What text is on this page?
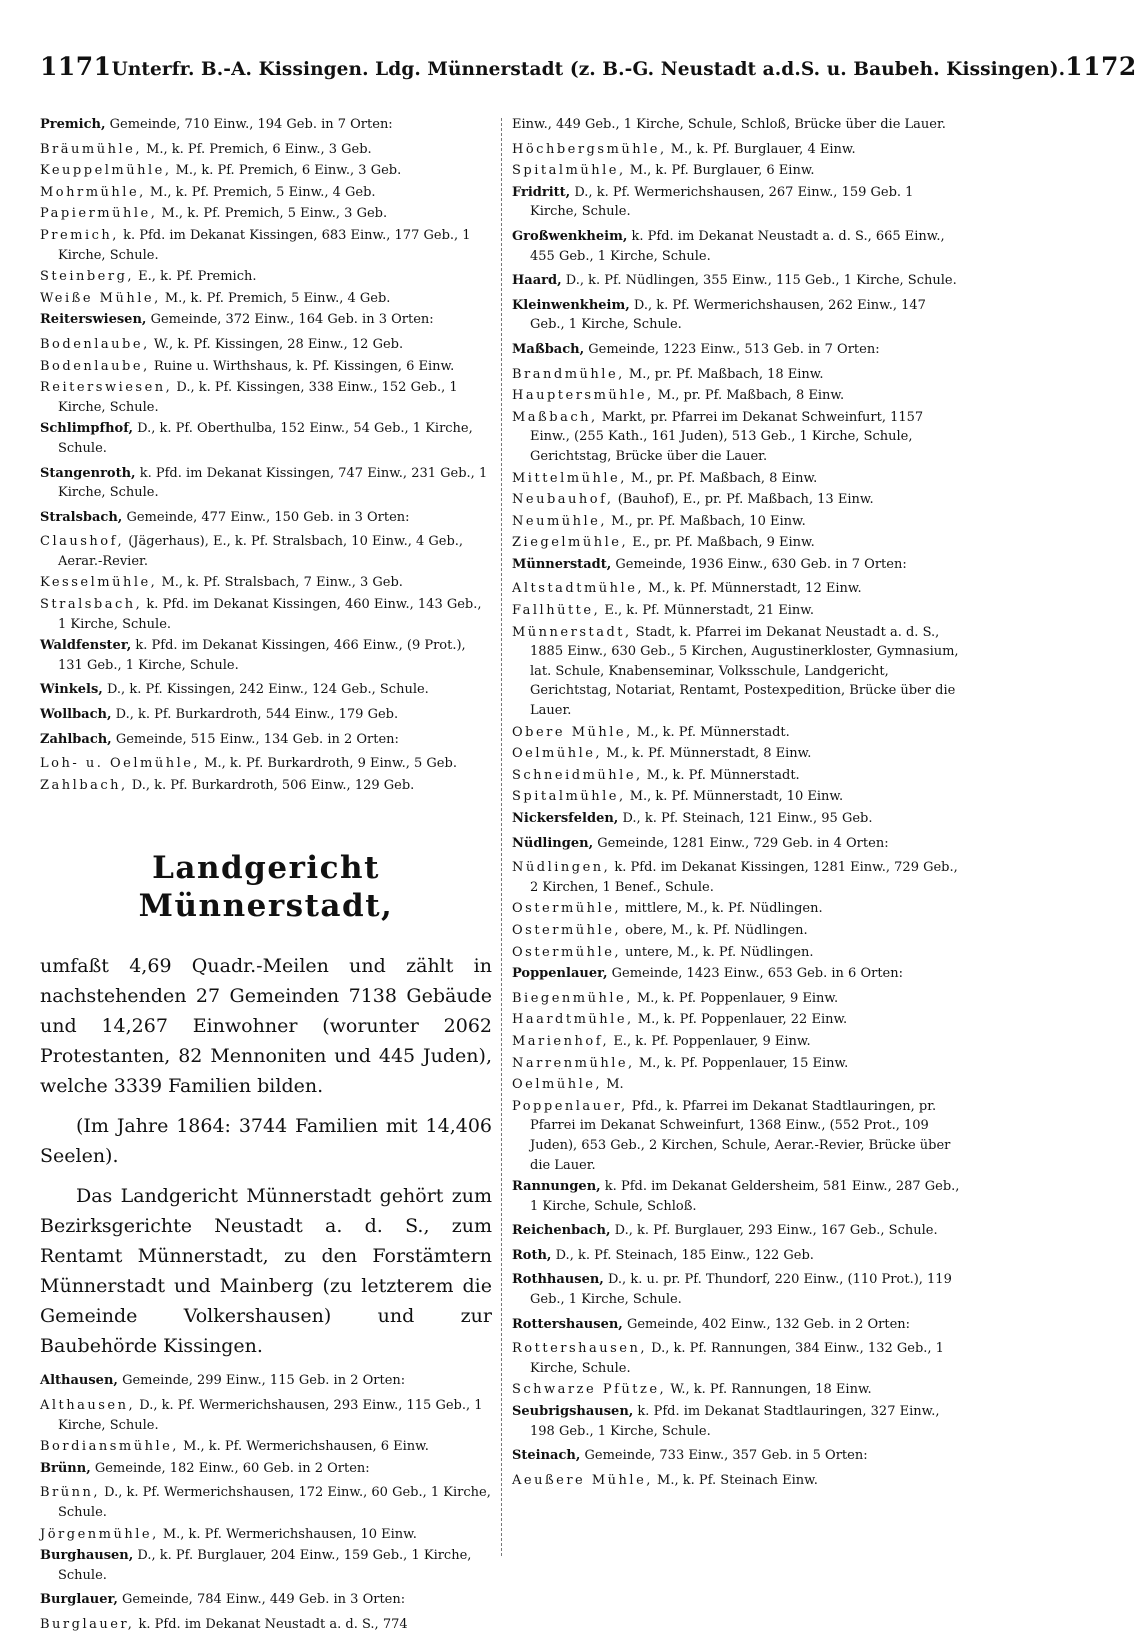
1171 Unterfr. B.-A. Kissingen. Ldg. Münnerstadt (z. B.-G. Neustadt a.d.S. u. Baubeh. Kissingen). 1172
Premich, Gemeinde, 710 Einw., 194 Geb. in 7 Orten:
Bräumühle, M., k. Pf. Premich, 6 Einw., 3 Geb.
Keuppelmühle, M., k. Pf. Premich, 6 Einw., 3 Geb.
Mohrmühle, M., k. Pf. Premich, 5 Einw., 4 Geb.
Papiermühle, M., k. Pf. Premich, 5 Einw., 3 Geb.
Premich, k. Pfd. im Dekanat Kissingen, 683 Einw., 177 Geb., 1 Kirche, Schule.
Steinberg, E., k. Pf. Premich.
Weiße Mühle, M., k. Pf. Premich, 5 Einw., 4 Geb.
Reiterswiesen, Gemeinde, 372 Einw., 164 Geb. in 3 Orten:
Bodenlaube, W., k. Pf. Kissingen, 28 Einw., 12 Geb.
Bodenlaube, Ruine u. Wirthshaus, k. Pf. Kissingen, 6 Einw.
Reiterswiesen, D., k. Pf. Kissingen, 338 Einw., 152 Geb., 1 Kirche, Schule.
Schlimpfhof, D., k. Pf. Oberthulba, 152 Einw., 54 Geb., 1 Kirche, Schule.
Stangenroth, k. Pfd. im Dekanat Kissingen, 747 Einw., 231 Geb., 1 Kirche, Schule.
Stralsbach, Gemeinde, 477 Einw., 150 Geb. in 3 Orten:
Claushof, (Jägerhaus), E., k. Pf. Stralsbach, 10 Einw., 4 Geb., Aerar.-Revier.
Kesselmühle, M., k. Pf. Stralsbach, 7 Einw., 3 Geb.
Stralsbach, k. Pfd. im Dekanat Kissingen, 460 Einw., 143 Geb., 1 Kirche, Schule.
Waldfenster, k. Pfd. im Dekanat Kissingen, 466 Einw., (9 Prot.), 131 Geb., 1 Kirche, Schule.
Winkels, D., k. Pf. Kissingen, 242 Einw., 124 Geb., Schule.
Wollbach, D., k. Pf. Burkardroth, 544 Einw., 179 Geb.
Zahlbach, Gemeinde, 515 Einw., 134 Geb. in 2 Orten:
Loh- u. Oelmühle, M., k. Pf. Burkardroth, 9 Einw., 5 Geb.
Zahlbach, D., k. Pf. Burkardroth, 506 Einw., 129 Geb.
Landgericht Münnerstadt,

umfaßt 4,69 Quadr.-Meilen und zählt in nachstehenden 27 Gemeinden 7138 Gebäude und 14,267 Einwohner (worunter 2062 Protestanten, 82 Mennoniten und 445 Juden), welche 3339 Familien bilden.

(Im Jahre 1864: 3744 Familien mit 14,406 Seelen).

Das Landgericht Münnerstadt gehört zum Bezirksgerichte Neustadt a. d. S., zum Rentamt Münnerstadt, zu den Forstämtern Münnerstadt und Mainberg (zu letzterem die Gemeinde Volkershausen) und zur Baubehörde Kissingen.

Althausen, Gemeinde, 299 Einw., 115 Geb. in 2 Orten:
Althausen, D., k. Pf. Wermerichshausen, 293 Einw., 115 Geb., 1 Kirche, Schule.
Bordiansmühle, M., k. Pf. Wermerichshausen, 6 Einw.
Brünn, Gemeinde, 182 Einw., 60 Geb. in 2 Orten:
Brünn, D., k. Pf. Wermerichshausen, 172 Einw., 60 Geb., 1 Kirche, Schule.
Jörgenmühle, M., k. Pf. Wermerichshausen, 10 Einw.
Burghausen, D., k. Pf. Burglauer, 204 Einw., 159 Geb., 1 Kirche, Schule.
Burglauer, Gemeinde, 784 Einw., 449 Geb. in 3 Orten:
Burglauer, k. Pfd. im Dekanat Neustadt a. d. S., 774
Einw., 449 Geb., 1 Kirche, Schule, Schloß, Brücke über die Lauer.
Höchbergsmühle, M., k. Pf. Burglauer, 4 Einw.
Spitalmühle, M., k. Pf. Burglauer, 6 Einw.
Fridritt, D., k. Pf. Wermerichshausen, 267 Einw., 159 Geb. 1 Kirche, Schule.
Großwenkheim, k. Pfd. im Dekanat Neustadt a. d. S., 665 Einw., 455 Geb., 1 Kirche, Schule.
Haard, D., k. Pf. Nüdlingen, 355 Einw., 115 Geb., 1 Kirche, Schule.
Kleinwenkheim, D., k. Pf. Wermerichshausen, 262 Einw., 147 Geb., 1 Kirche, Schule.
Maßbach, Gemeinde, 1223 Einw., 513 Geb. in 7 Orten:
Brandmühle, M., pr. Pf. Maßbach, 18 Einw.
Hauptersmühle, M., pr. Pf. Maßbach, 8 Einw.
Maßbach, Markt, pr. Pfarrei im Dekanat Schweinfurt, 1157 Einw., (255 Kath., 161 Juden), 513 Geb., 1 Kirche, Schule, Gerichtstag, Brücke über die Lauer.
Mittelmühle, M., pr. Pf. Maßbach, 8 Einw.
Neubauhof, (Bauhof), E., pr. Pf. Maßbach, 13 Einw.
Neumühle, M., pr. Pf. Maßbach, 10 Einw.
Ziegelmühle, E., pr. Pf. Maßbach, 9 Einw.
Münnerstadt, Gemeinde, 1936 Einw., 630 Geb. in 7 Orten:
Altstadtmühle, M., k. Pf. Münnerstadt, 12 Einw.
Fallhütte, E., k. Pf. Münnerstadt, 21 Einw.
Münnerstadt, Stadt, k. Pfarrei im Dekanat Neustadt a. d. S., 1885 Einw., 630 Geb., 5 Kirchen, Augustinerkloster, Gymnasium, lat. Schule, Knabenseminar, Volksschule, Landgericht, Gerichtstag, Notariat, Rentamt, Postexpedition, Brücke über die Lauer.
Obere Mühle, M., k. Pf. Münnerstadt.
Oelmühle, M., k. Pf. Münnerstadt, 8 Einw.
Schneidmühle, M., k. Pf. Münnerstadt.
Spitalmühle, M., k. Pf. Münnerstadt, 10 Einw.
Nickersfelden, D., k. Pf. Steinach, 121 Einw., 95 Geb.
Nüdlingen, Gemeinde, 1281 Einw., 729 Geb. in 4 Orten:
Nüdlingen, k. Pfd. im Dekanat Kissingen, 1281 Einw., 729 Geb., 2 Kirchen, 1 Benef., Schule.
Ostermühle, mittlere, M., k. Pf. Nüdlingen.
Ostermühle, obere, M., k. Pf. Nüdlingen.
Ostermühle, untere, M., k. Pf. Nüdlingen.
Poppenlauer, Gemeinde, 1423 Einw., 653 Geb. in 6 Orten:
Biegenmühle, M., k. Pf. Poppenlauer, 9 Einw.
Haardtmühle, M., k. Pf. Poppenlauer, 22 Einw.
Marienhof, E., k. Pf. Poppenlauer, 9 Einw.
Narrenmühle, M., k. Pf. Poppenlauer, 15 Einw.
Oelmühle, M.
Poppenlauer, Pfd., k. Pfarrei im Dekanat Stadtlauringen, pr. Pfarrei im Dekanat Schweinfurt, 1368 Einw., (552 Prot., 109 Juden), 653 Geb., 2 Kirchen, Schule, Aerar.-Revier, Brücke über die Lauer.
Rannungen, k. Pfd. im Dekanat Geldersheim, 581 Einw., 287 Geb., 1 Kirche, Schule, Schloß.
Reichenbach, D., k. Pf. Burglauer, 293 Einw., 167 Geb., Schule.
Roth, D., k. Pf. Steinach, 185 Einw., 122 Geb.
Rothhausen, D., k. u. pr. Pf. Thundorf, 220 Einw., (110 Prot.), 119 Geb., 1 Kirche, Schule.
Rottershausen, Gemeinde, 402 Einw., 132 Geb. in 2 Orten:
Rottershausen, D., k. Pf. Rannungen, 384 Einw., 132 Geb., 1 Kirche, Schule.
Schwarze Pfütze, W., k. Pf. Rannungen, 18 Einw.
Seubrigshausen, k. Pfd. im Dekanat Stadtlauringen, 327 Einw., 198 Geb., 1 Kirche, Schule.
Steinach, Gemeinde, 733 Einw., 357 Geb. in 5 Orten:
Aeußere Mühle, M., k. Pf. Steinach Einw.
